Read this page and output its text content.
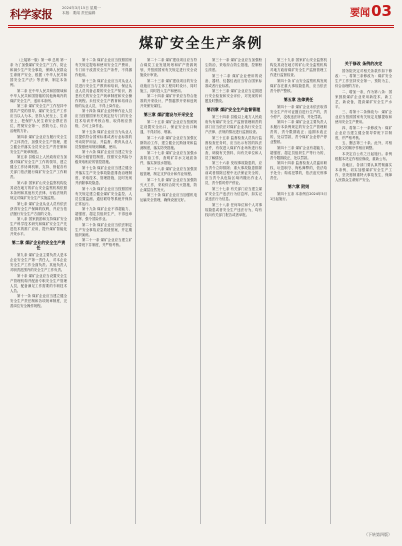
科学家报	2024年3月15日 星期一
本版：要闻 责任编辑	要闻 03
煤矿安全生产条例

（上接第一版）第一章 总则 第一条 为了加强煤矿安全生产工作，防止和减少生产安全事故，保障人民群众生命财产安全，根据《中华人民共和国安全生产法》等法律，制定本条例。

第二条 在中华人民共和国领域和中华人民共和国管辖的其他海域内的煤矿安全生产，适用本条例。

第三条 煤矿安全生产工作坚持中国共产党的领导。煤矿安全生产工作应当以人为本，坚持人民至上、生命至上，把保护人民生命安全摆在首位，贯彻安全第一、预防为主、综合治理的方针。

第四条 煤矿企业应当履行安全生产主体责任，加强安全生产管理，建立健全并落实全员安全生产责任制和安全生产规章制度。

第五条 县级以上人民政府应当加强对煤矿安全生产工作的领导，建立健全工作协调机制，支持、督促各有关部门依法履行煤矿安全生产工作职责。

第六条 国家矿山安全监察机构及其设在地方的矿山安全监察机构依照本条例和其他有关法律、行政法规的规定对煤矿安全生产实施监察。

第七条 煤矿企业从业人员有依法获得安全生产保障的权利，并应当依法履行安全生产方面的义务。

第八条 国家鼓励和支持煤矿安全生产科学技术研究和煤矿安全生产先进技术的推广应用，提升煤矿智能化开采水平。

第二章 煤矿企业的安全生产责任

第九条 煤矿企业主要负责人是本企业安全生产第一责任人，对本企业安全生产工作全面负责。其他负责人对职责范围内的安全生产工作负责。

第十条 煤矿企业应当设置安全生产管理机构并配备专职安全生产管理人员，配备满足工作需要的专职技术人员。

第十一条 煤矿企业应当建立健全安全生产责任制和各项规章制度，完善岗位安全操作规程。

第十二条 煤矿企业应当按照国家有关规定提取和使用安全生产费用，专门用于改善安全生产条件，不得挪作他用。

第十三条 煤矿企业应当对从业人员进行安全生产教育和培训，保证从业人员具备必要的安全生产知识，熟悉有关的安全生产规章制度和安全操作规程。未经安全生产教育和培训合格的从业人员，不得上岗作业。

第十四条 煤矿企业特种作业人员应当按照国家有关规定经专门的安全技术培训并考核合格，取得相应资格，方可上岗作业。

第十五条 煤矿企业应当为从业人员提供符合国家标准或者行业标准的劳动防护用品，并监督、教育从业人员按照使用规则佩戴、使用。

第十六条 煤矿企业应当建立安全风险分级管控制度，按照安全风险分级采取相应的管控措施。

第十七条 煤矿企业应当建立健全并落实生产安全事故隐患排查治理制度，采取技术、管理措施，及时发现并消除事故隐患。

第十八条 煤矿企业应当按照国家有关规定建立健全煤矿安全监控、人员位置监测、通信联络等系统并保持正常运行。

第十九条 煤矿企业不得超能力、超强度、超定员组织生产，不得违章指挥、强令冒险作业。

第二十条 煤矿企业应当依法制定生产安全事故应急救援预案，并定期组织演练。

第二十一条 煤矿企业应当建立矿长带班下井制度，并严格考核。

第二十二条 煤矿建设项目应当符合煤炭工业发展规划和矿产资源规划，并按照国家有关规定进行安全设施设计审查。

第二十三条 煤矿建设项目的安全设施应当与主体工程同时设计、同时施工、同时投入生产和使用。

第二十四条 煤矿开采应当符合批准的开采设计，严禁越界开采和违规开采保安煤柱。

第三章 煤矿建设与开采安全

第二十五条 煤矿企业应当按照规定设置安全出口，保证安全出口畅通，不得封闭、堵塞。

第二十六条 煤矿企业应当加强瓦斯防治工作，建立健全瓦斯抽采和监测制度，落实防突措施。

第二十七条 煤矿企业应当加强水害防治工作，查明矿井水文地质条件，落实探放水措施。

第二十八条 煤矿企业应当加强顶板管理，制定支护设计和作业规程。

第二十九条 煤矿企业应当加强防灭火工作，采取综合防灭火措施，防止煤层自然发火。

第三十条 煤矿企业应当加强机电运输安全管理，确保设备完好。

第三十一条 煤矿企业应当加强粉尘防治，采取综合防尘措施，控制粉尘浓度。

第三十二条 煤矿企业使用的设备、器材、仪器仪表应当符合国家标准或者行业标准。

第三十三条 煤矿企业应当定期进行安全检查和安全评价，对发现的问题及时整改。

第四章 煤矿安全生产监督管理

第三十四条 县级以上地方人民政府负有煤矿安全生产监督管理职责的部门应当依法对煤矿企业执行安全生产法律、法规的情况进行监督检查。

第三十五条 监督检查人员执行监督检查任务时，应当出示有效的执法证件，有权进入煤矿作业场所进行检查，调阅有关资料，向有关单位和人员了解情况。

第三十六条 发现事故隐患的，应当责令立即排除；重大事故隐患排除前或者排除过程中无法保证安全的，应当责令从危险区域内撤出作业人员，责令暂时停产停业。

第三十七条 有关部门应当建立煤矿安全生产违法行为信息库，如实记录违法行为信息。

第三十八条 任何单位和个人对事故隐患或者安全生产违法行为，均有权向有关部门报告或者举报。

第三十九条 国家矿山安全监察机构及其设在地方的矿山安全监察机构对地方政府煤矿安全生产监督管理工作进行监督检查。

第四十条 矿山安全监察机构发现煤矿存在重大事故隐患的，应当依法责令停产整顿。

第五章 法律责任

第四十一条 煤矿企业未依法取得安全生产许可证擅自进行生产的，责令停产，没收违法所得，并处罚款。

第四十二条 煤矿企业主要负责人未履行本条例规定的安全生产管理职责的，责令限期改正；逾期未改正的，处以罚款，责令煤矿企业停产停业整顿。

第四十三条 煤矿企业有超能力、超强度、超定员组织生产等行为的，责令限期改正，处以罚款。

第四十四条 监督检查人员滥用职权、玩忽职守、徇私舞弊的，依法给予处分；构成犯罪的，依法追究刑事责任。

第六章 附则

第四十五条 本条例自2024年5月1日起施行。

关于修改 条例的决定

国务院决定对相关条款作如下修改：一、将第三条修改为：煤矿安全生产工作坚持安全第一、预防为主、综合治理的方针。

二、增加一条，作为第八条：国家鼓励煤矿企业采用新技术、新工艺、新设备，提高煤矿安全生产水平。

三、将第十二条修改为：煤矿企业应当按照国家有关规定足额提取和使用安全生产费用。

四、将第二十一条修改为：煤矿企业应当建立健全领导带班下井制度，并严格考核。

五、删去第三十条。此外，对相关条文的顺序作相应调整。

本决定自公布之日起施行。条例根据本决定作相应修改，重新公布。

各地区、各部门要认真贯彻落实本条例，切实加强煤矿安全生产工作，坚决遏制重特大事故发生，保障人民群众生命财产安全。

（下转第四版）
